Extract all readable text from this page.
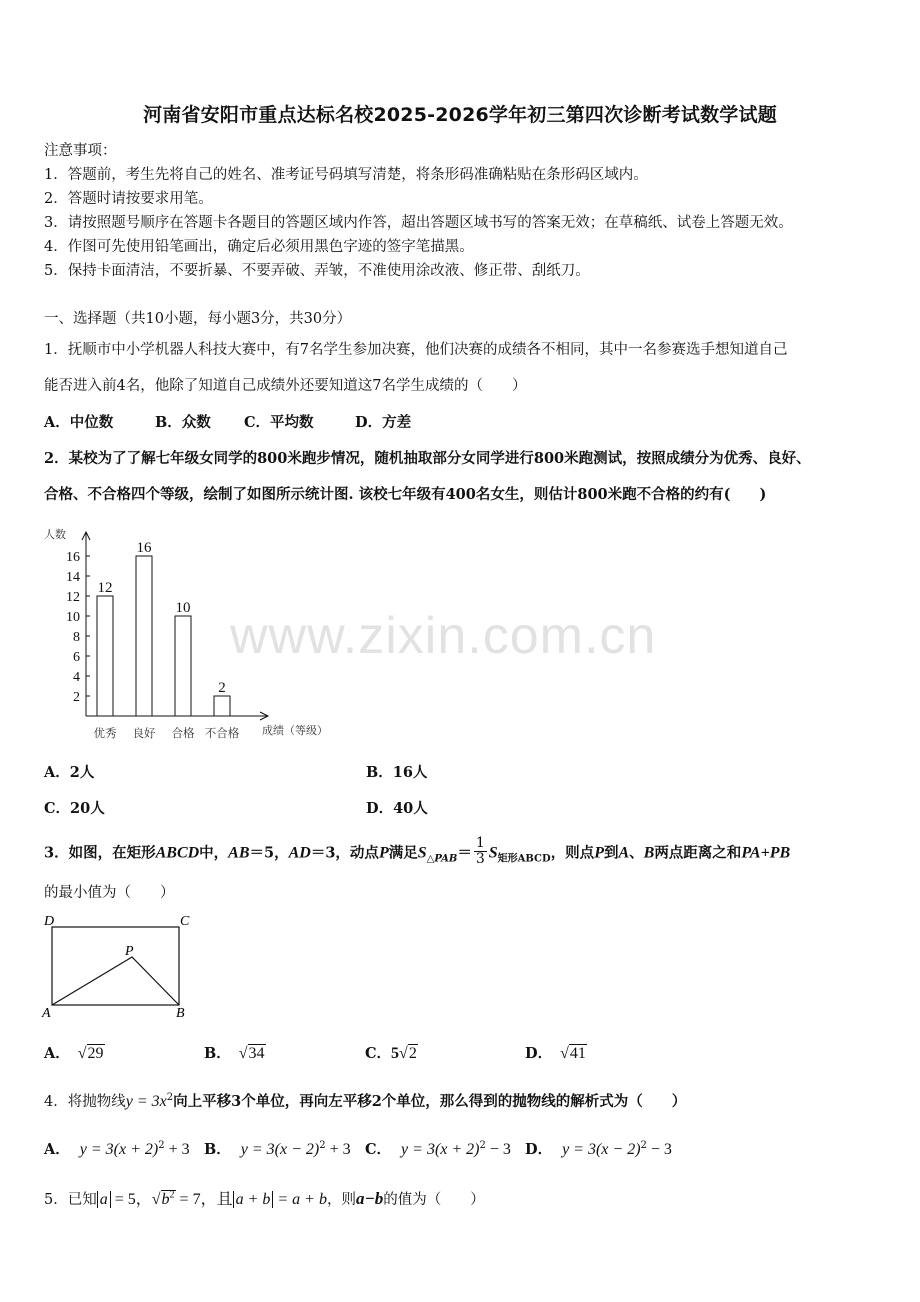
河南省安阳市重点达标名校2025-2026学年初三第四次诊断考试数学试题
注意事项：
1．答题前，考生先将自己的姓名、准考证号码填写清楚，将条形码准确粘贴在条形码区域内。
2．答题时请按要求用笔。
3．请按照题号顺序在答题卡各题目的答题区域内作答，超出答题区域书写的答案无效；在草稿纸、试卷上答题无效。
4．作图可先使用铅笔画出，确定后必须用黑色字迹的签字笔描黑。
5．保持卡面清洁，不要折暴、不要弄破、弄皱，不准使用涂改液、修正带、刮纸刀。
一、选择题（共10小题，每小题3分，共30分）
1．抚顺市中小学机器人科技大赛中，有7名学生参加决赛，他们决赛的成绩各不相同，其中一名参赛选手想知道自己
能否进入前4名，他除了知道自己成绩外还要知道这7名学生成绩的（　　）
A．中位数	B．众数 C．平均数	D．方差
2．某校为了了解七年级女同学的800米跑步情况，随机抽取部分女同学进行800米跑测试，按照成绩分为优秀、良好、
合格、不合格四个等级，绘制了如图所示统计图. 该校七年级有400名女生，则估计800米跑不合格的约有(　　)
人数
成绩（等级）
2
4
6
8
10
12
14
16
12
优秀
16
良好
10
合格
2
不合格
www.zixin.com.cn
A．2人	B．16人
C．20人	D．40人
3．如图，在矩形ABCD中，AB＝5，AD＝3，动点P满足$S_{\triangle PAB}= \frac{1}{3} S_{矩形ABCD}$，则点P到A、B两点距离之和PA+PB
的最小值为（　　）
D	C
A	B
P
A． √29	B． √34	C．5√2	D． √41
4．将抛物线$y = 3x^2$向上平移3个单位，再向左平移2个单位，那么得到的抛物线的解析式为（　　）
A． $y = 3(x + 2)^2 + 3$ B． $y = 3(x - 2)^2 + 3$ C． $y = 3(x + 2)^2 - 3$ D． $y = 3(x - 2)^2 - 3$
5．已知 a = 5，$√b^2 = 7$，且 a + b = a + b，则a−b的值为（　　）
